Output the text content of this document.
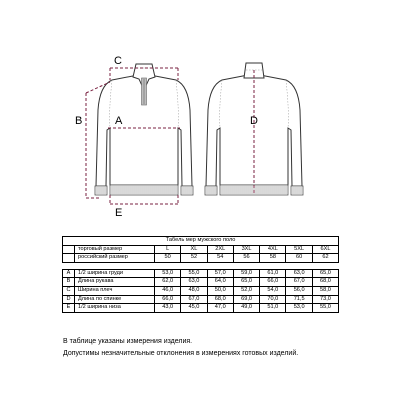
C
A
B
E
D
Табель мер мужского поло								
	торговый размер	L	XL	2XL	3XL	4XL	5XL	6XL
	российский размер	50	52	54	56	58	60	62

A	1/2 ширина груди	53,0	55,0	57,0	59,0	61,0	63,0	65,0
B	Длина рукава	62,0	63,0	64,0	65,0	66,0	67,0	68,0
C	Ширина плеч	46,0	48,0	50,0	52,0	54,0	56,0	58,0
D	Длина по спинке	66,0	67,0	68,0	69,0	70,0	71,5	73,0
E	1/2 ширина низа	43,0	45,0	47,0	49,0	51,0	53,0	55,0
В таблице указаны измерения изделия.
Допустимы незначительные отклонения в измерениях готовых изделий.
